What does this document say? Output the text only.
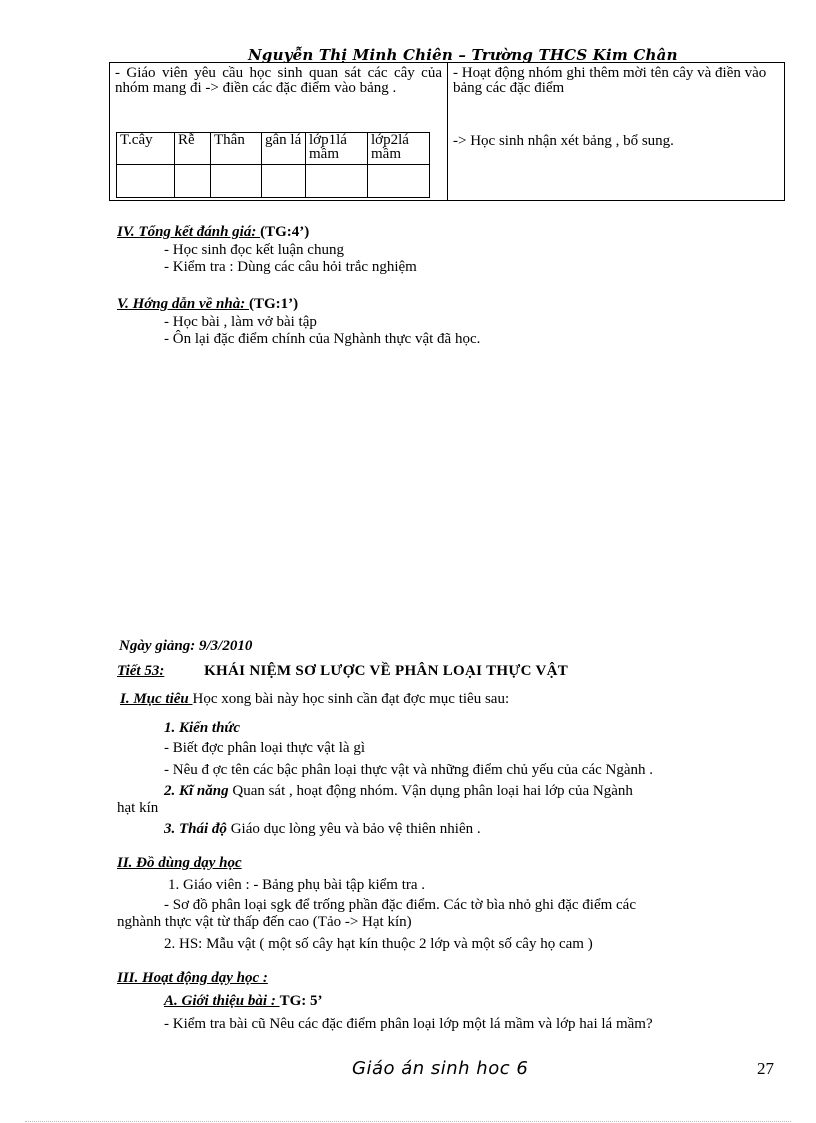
Nguyễn Thị Minh Chiên – Trường THCS Kim Chân
- Giáo viên yêu cầu học sinh quan sát các cây của nhóm mang đi -> điền các đặc điểm vào bảng .
- Hoạt động nhóm ghi thêm mời tên cây và điền vào bảng các đặc điểm
-> Học sinh nhận xét bảng , bổ sung.
T.cây	Rễ	Thân	gân lá	lớp1lá mầm	lớp2lá mầm

IV. Tổng kết đánh giá: (TG:4’)
- Học sinh đọc kết luận chung
- Kiểm tra : Dùng các câu hỏi trắc nghiệm
V. Hớng dẫn về nhà: (TG:1’)
- Học bài , làm vở bài tập
- Ôn lại đặc điểm chính của Nghành thực vật đã học.
Ngày giảng: 9/3/2010
Tiết 53:	KHÁI NIỆM SƠ LƯỢC VỀ PHÂN LOẠI THỰC VẬT
I. Mục tiêu Học xong bài này học sinh cần đạt đợc mục tiêu sau:
1. Kiến thức
- Biết đợc phân loại thực vật là gì
- Nêu đ ợc tên các bậc phân loại thực vật và những điểm chủ yếu của các Ngành .
2. Kĩ năng Quan sát , hoạt động nhóm. Vận dụng phân loại hai lớp của Ngành
hạt kín
3. Thái độ Giáo dục lòng yêu và bảo vệ thiên nhiên .
II. Đồ dùng dạy học
1. Giáo viên : - Bảng phụ bài tập kiểm tra .
- Sơ đồ phân loại sgk để trống phần đặc điểm. Các tờ bìa nhỏ ghi đặc điểm các
nghành thực vật từ thấp đến cao (Tảo -> Hạt kín)
2. HS: Mẫu vật ( một số cây hạt kín thuộc 2 lớp và một số cây họ cam )
III. Hoạt động dạy học :
A. Giới thiệu bài : TG: 5’
- Kiểm tra bài cũ Nêu các đặc điểm phân loại lớp một lá mầm và lớp hai lá mầm?
Giáo án sinh hoc 6	27
